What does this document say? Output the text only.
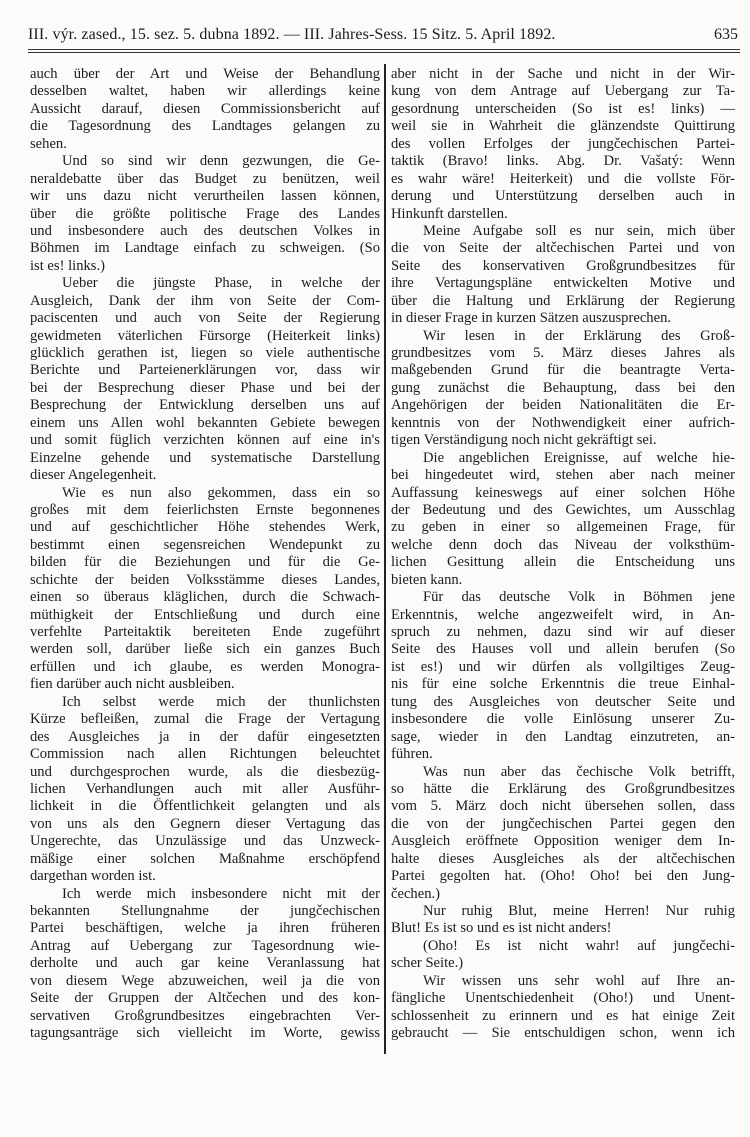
III. výr. zased., 15. sez. 5. dubna 1892. — III. Jahres-Sess. 15 Sitz. 5. April 1892.	635
auch über der Art und Weise der Behandlung
desselben waltet, haben wir allerdings keine
Aussicht darauf, diesen Commissionsbericht auf
die Tagesordnung des Landtages gelangen zu
sehen.
Und so sind wir denn gezwungen, die Ge-
neraldebatte über das Budget zu benützen, weil
wir uns dazu nicht verurtheilen lassen können,
über die größte politische Frage des Landes
und insbesondere auch des deutschen Volkes in
Böhmen im Landtage einfach zu schweigen. (So
ist es! links.)
Ueber die jüngste Phase, in welche der
Ausgleich, Dank der ihm von Seite der Com-
paciscenten und auch von Seite der Regierung
gewidmeten väterlichen Fürsorge (Heiterkeit links)
glücklich gerathen ist, liegen so viele authentische
Berichte und Parteienerklärungen vor, dass wir
bei der Besprechung dieser Phase und bei der
Besprechung der Entwicklung derselben uns auf
einem uns Allen wohl bekannten Gebiete bewegen
und somit füglich verzichten können auf eine in's
Einzelne gehende und systematische Darstellung
dieser Angelegenheit.
Wie es nun also gekommen, dass ein so
großes mit dem feierlichsten Ernste begonnenes
und auf geschichtlicher Höhe stehendes Werk,
bestimmt einen segensreichen Wendepunkt zu
bilden für die Beziehungen und für die Ge-
schichte der beiden Volksstämme dieses Landes,
einen so überaus kläglichen, durch die Schwach-
müthigkeit der Entschließung und durch eine
verfehlte Parteitaktik bereiteten Ende zugeführt
werden soll, darüber ließe sich ein ganzes Buch
erfüllen und ich glaube, es werden Monogra-
fien darüber auch nicht ausbleiben.
Ich selbst werde mich der thunlichsten
Kürze befleißen, zumal die Frage der Vertagung
des Ausgleiches ja in der dafür eingesetzten
Commission nach allen Richtungen beleuchtet
und durchgesprochen wurde, als die diesbezüg-
lichen Verhandlungen auch mit aller Ausführ-
lichkeit in die Öffentlichkeit gelangten und als
von uns als den Gegnern dieser Vertagung das
Ungerechte, das Unzulässige und das Unzweck-
mäßige einer solchen Maßnahme erschöpfend
dargethan worden ist.
Ich werde mich insbesondere nicht mit der
bekannten Stellungnahme der jungčechischen
Partei beschäftigen, welche ja ihren früheren
Antrag auf Uebergang zur Tagesordnung wie-
derholte und auch gar keine Veranlassung hat
von diesem Wege abzuweichen, weil ja die von
Seite der Gruppen der Altčechen und des kon-
servativen Großgrundbesitzes eingebrachten Ver-
tagungsanträge sich vielleicht im Worte, gewiss
aber nicht in der Sache und nicht in der Wir-
kung von dem Antrage auf Uebergang zur Ta-
gesordnung unterscheiden (So ist es! links) —
weil sie in Wahrheit die glänzendste Quittirung
des vollen Erfolges der jungčechischen Partei-
taktik (Bravo! links. Abg. Dr. Vašatý: Wenn
es wahr wäre! Heiterkeit) und die vollste För-
derung und Unterstützung derselben auch in
Hinkunft darstellen.
Meine Aufgabe soll es nur sein, mich über
die von Seite der altčechischen Partei und von
Seite des konservativen Großgrundbesitzes für
ihre Vertagungspläne entwickelten Motive und
über die Haltung und Erklärung der Regierung
in dieser Frage in kurzen Sätzen auszusprechen.
Wir lesen in der Erklärung des Groß-
grundbesitzes vom 5. März dieses Jahres als
maßgebenden Grund für die beantragte Verta-
gung zunächst die Behauptung, dass bei den
Angehörigen der beiden Nationalitäten die Er-
kenntnis von der Nothwendigkeit einer aufrich-
tigen Verständigung noch nicht gekräftigt sei.
Die angeblichen Ereignisse, auf welche hie-
bei hingedeutet wird, stehen aber nach meiner
Auffassung keineswegs auf einer solchen Höhe
der Bedeutung und des Gewichtes, um Ausschlag
zu geben in einer so allgemeinen Frage, für
welche denn doch das Niveau der volksthüm-
lichen Gesittung allein die Entscheidung uns
bieten kann.
Für das deutsche Volk in Böhmen jene
Erkenntnis, welche angezweifelt wird, in An-
spruch zu nehmen, dazu sind wir auf dieser
Seite des Hauses voll und allein berufen (So
ist es!) und wir dürfen als vollgiltiges Zeug-
nis für eine solche Erkenntnis die treue Einhal-
tung des Ausgleiches von deutscher Seite und
insbesondere die volle Einlösung unserer Zu-
sage, wieder in den Landtag einzutreten, an-
führen.
Was nun aber das čechische Volk betrifft,
so hätte die Erklärung des Großgrundbesitzes
vom 5. März doch nicht übersehen sollen, dass
die von der jungčechischen Partei gegen den
Ausgleich eröffnete Opposition weniger dem In-
halte dieses Ausgleiches als der altčechischen
Partei gegolten hat. (Oho! Oho! bei den Jung-
čechen.)
Nur ruhig Blut, meine Herren! Nur ruhig
Blut! Es ist so und es ist nicht anders!
(Oho! Es ist nicht wahr! auf jungčechi-
scher Seite.)
Wir wissen uns sehr wohl auf Ihre an-
fängliche Unentschiedenheit (Oho!) und Unent-
schlossenheit zu erinnern und es hat einige Zeit
gebraucht — Sie entschuldigen schon, wenn ich
